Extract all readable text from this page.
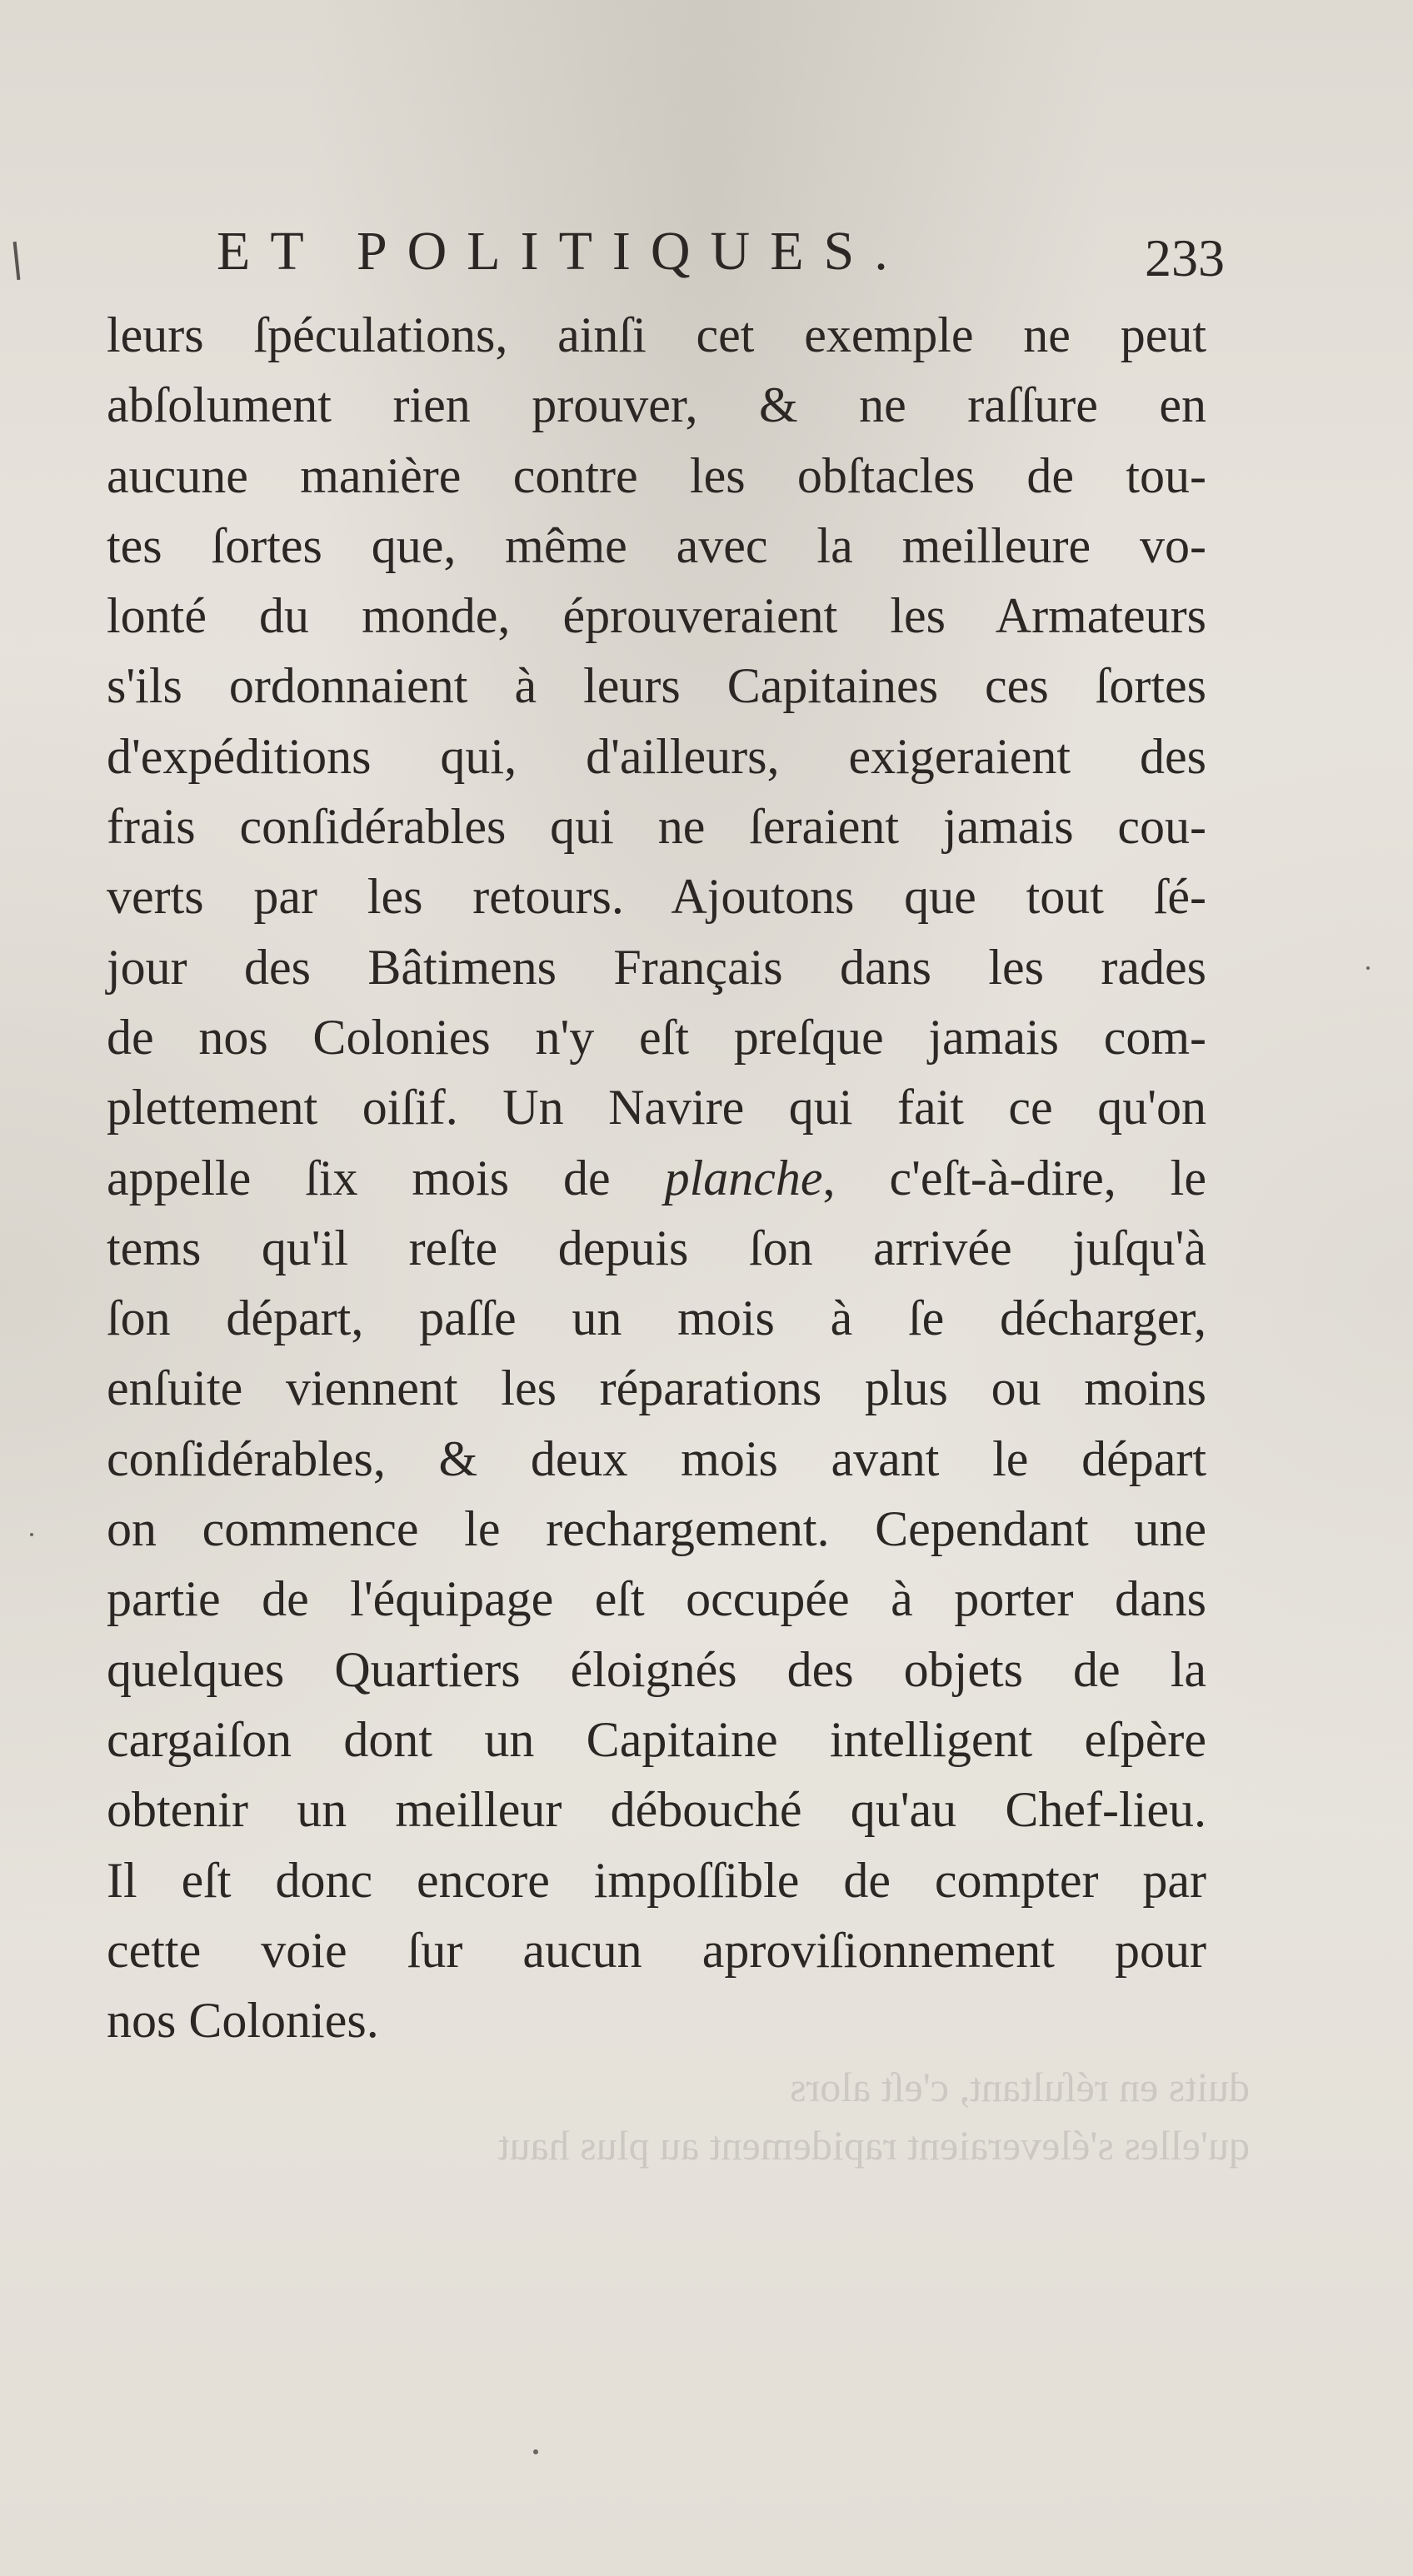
ET POLITIQUES.	233
leurs ſpéculations, ainſi cet exemple ne peut
abſolument rien prouver, & ne raſſure en
aucune manière contre les obſtacles de tou-
tes ſortes que, même avec la meilleure vo-
lonté du monde, éprouveraient les Armateurs
s'ils ordonnaient à leurs Capitaines ces ſortes
d'expéditions qui, d'ailleurs, exigeraient des
frais conſidérables qui ne ſeraient jamais cou-
verts par les retours. Ajoutons que tout ſé-
jour des Bâtimens Français dans les rades
de nos Colonies n'y eſt preſque jamais com-
plettement oiſif. Un Navire qui fait ce qu'on
appelle ſix mois de planche, c'eſt-à-dire, le
tems qu'il reſte depuis ſon arrivée juſqu'à
ſon départ, paſſe un mois à ſe décharger,
enſuite viennent les réparations plus ou moins
conſidérables, & deux mois avant le départ
on commence le rechargement. Cependant une
partie de l'équipage eſt occupée à porter dans
quelques Quartiers éloignés des objets de la
cargaiſon dont un Capitaine intelligent eſpère
obtenir un meilleur débouché qu'au Chef-lieu.
Il eſt donc encore impoſſible de compter par
cette voie ſur aucun aproviſionnement pour
nos Colonies.
duits en réſultant, c'eſt alors
qu'elles s'éleveraient rapidement au plus haut
